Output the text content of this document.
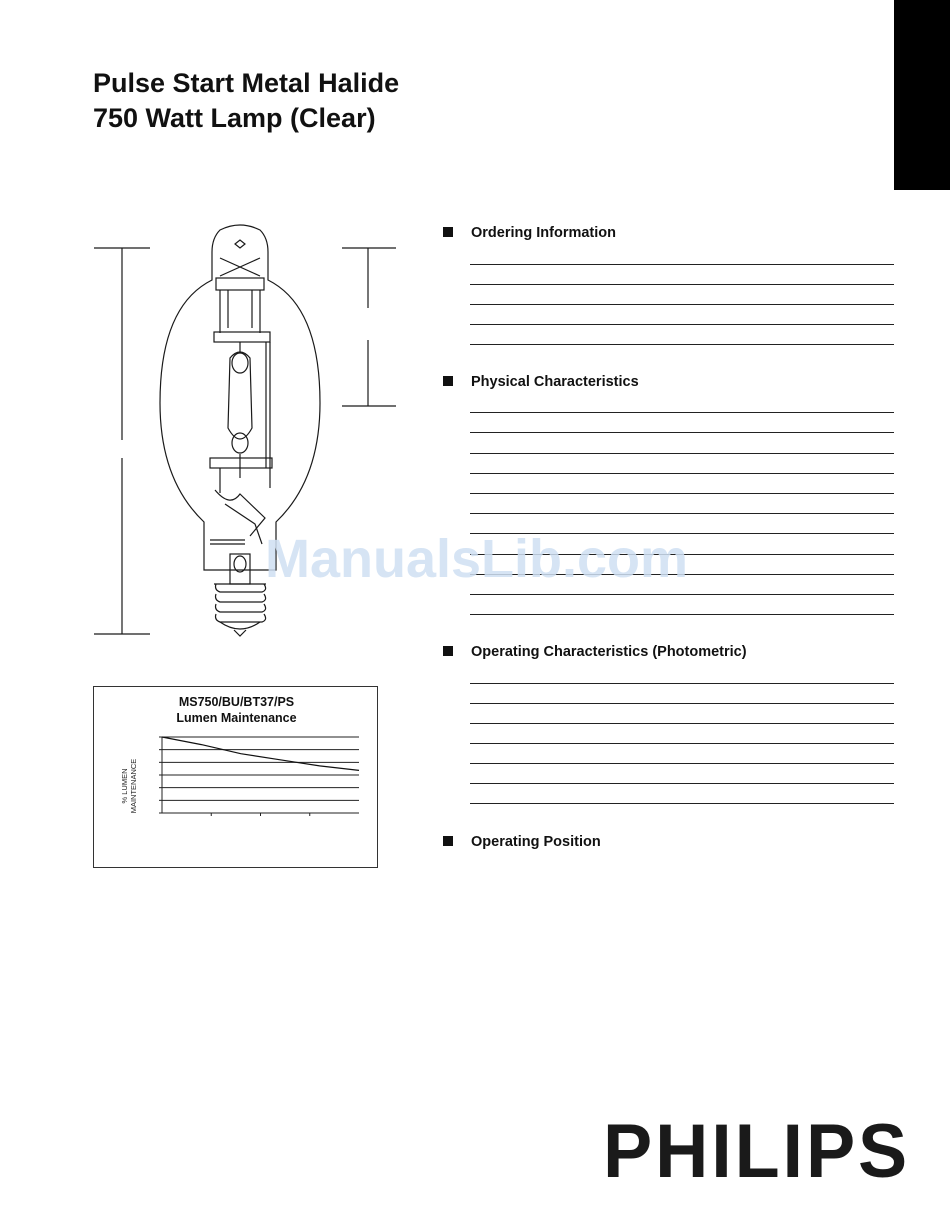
Pulse Start Metal Halide
750 Watt Lamp (Clear)
MS750/BU/BT37/PS
Lumen Maintenance
% LUMEN MAINTENANCE
Ordering Information
Physical Characteristics
Operating Characteristics (Photometric)
Operating Position
ManualsLib.com
PHILIPS
